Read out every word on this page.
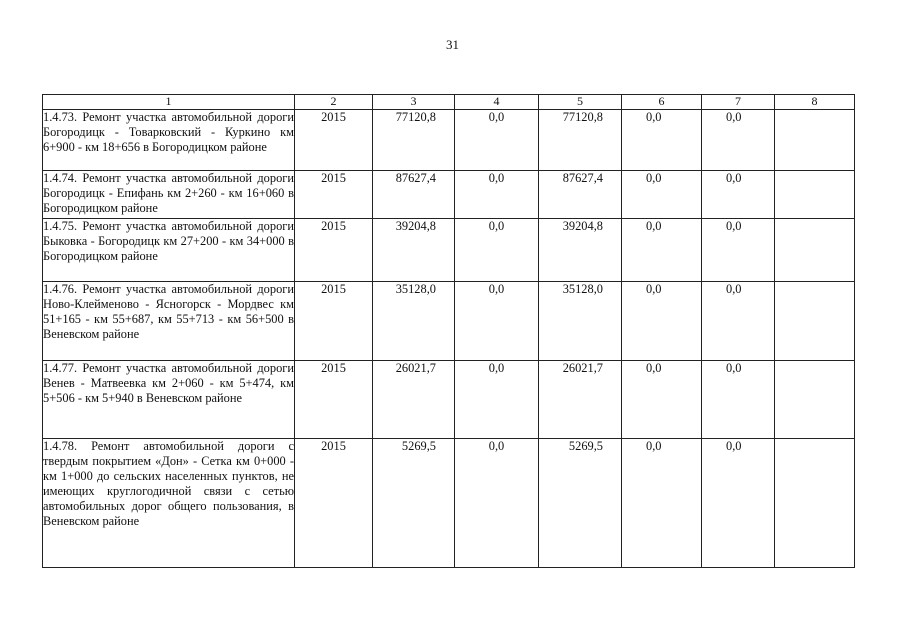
31
1	2	3	4	5	6	7	8
1.4.73. Ремонт участка автомобильной дороги Богородицк - Товарковский - Куркино км 6+900 - км 18+656 в Богородицком районе	2015	77120,8	0,0	77120,8	0,0	0,0	
1.4.74. Ремонт участка автомобильной дороги Богородицк - Епифань км 2+260 - км 16+060 в Богородицком районе	2015	87627,4	0,0	87627,4	0,0	0,0	
1.4.75. Ремонт участка автомобильной дороги Быковка - Богородицк км 27+200 - км 34+000 в Богородицком районе	2015	39204,8	0,0	39204,8	0,0	0,0	
1.4.76. Ремонт участка автомобильной дороги Ново-Клейменово - Ясногорск - Мордвес км 51+165 - км 55+687, км 55+713 - км 56+500 в Веневском районе	2015	35128,0	0,0	35128,0	0,0	0,0	
1.4.77. Ремонт участка автомобильной дороги Венев - Матвеевка км 2+060 - км 5+474, км 5+506 - км 5+940 в Веневском районе	2015	26021,7	0,0	26021,7	0,0	0,0	
1.4.78. Ремонт автомобильной дороги с твердым покрытием «Дон» - Сетка км 0+000 - км 1+000 до сельских населенных пунктов, не имеющих круглогодичной связи с сетью автомобильных дорог общего пользования, в Веневском районе	2015	5269,5	0,0	5269,5	0,0	0,0	
